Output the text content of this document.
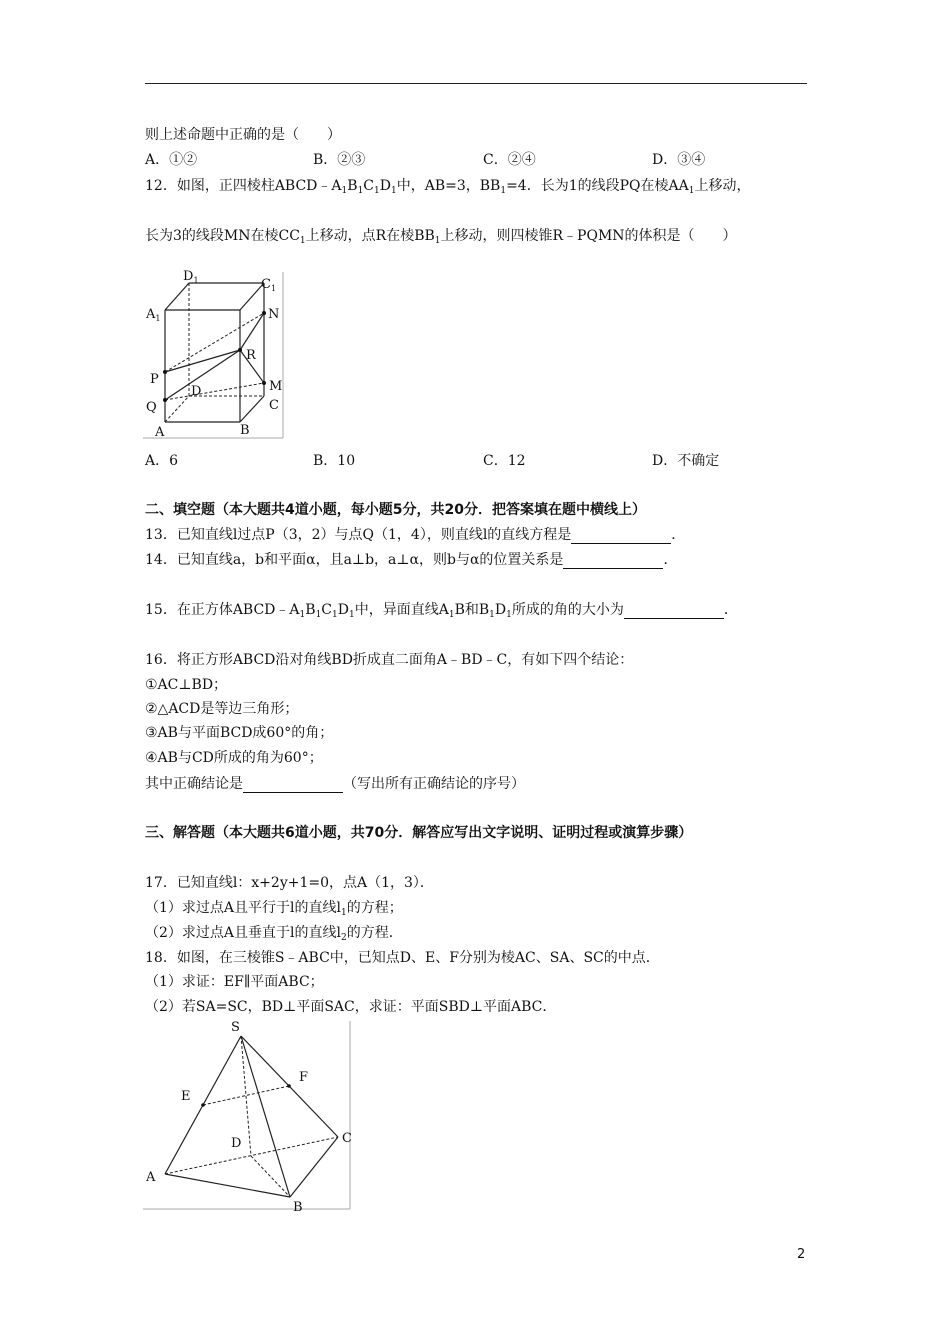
则上述命题中正确的是（　　）
A．①②	B．②③	C．②④	D．③④
12．如图，正四棱柱$ABCD﹣A_1B_1C_1D_1$中，AB=3，$BB_1=4$．长为1的线段PQ在棱$AA_1$上移动，
长为3的线段MN在棱$CC_1$上移动，点R在棱$BB_1$上移动，则四棱锥R﹣PQMN的体积是（　　）
$D_1$	$C_1$
$A_1$	N
R
P
D	M
Q	C
A	B
A．6	B．10	C．12	D．不确定
二、填空题（本大题共4道小题，每小题5分，共20分．把答案填在题中横线上）
13．已知直线l过点P（3，2）与点Q（1，4），则直线l的直线方程是	．
14．已知直线a，b和平面α，且a⊥b，a⊥α，则b与α的位置关系是	．
15．在正方体$ABCD﹣A_1B_1C_1D_1$中，异面直线$A_1B$和$B_1D_1$所成的角的大小为	．
16．将正方形ABCD沿对角线BD折成直二面角A﹣BD﹣C，有如下四个结论：
①AC⊥BD；
②△ACD是等边三角形；
③AB与平面BCD成60°的角；
④AB与CD所成的角为60°；
其中正确结论是	（写出所有正确结论的序号）
三、解答题（本大题共6道小题，共70分．解答应写出文字说明、证明过程或演算步骤）
17．已知直线l：x+2y+1=0，点A（1，3）．
（1）求过点A且平行于l的直线$l_1$的方程；
（2）求过点A且垂直于l的直线$l_2$的方程．
18．如图，在三棱锥S﹣ABC中，已知点D、E、F分别为棱AC、SA、SC的中点．
（1）求证：EF∥平面ABC；
（2）若SA=SC，BD⊥平面SAC，求证：平面SBD⊥平面ABC．
S
E
F
D	C
A
B
2
